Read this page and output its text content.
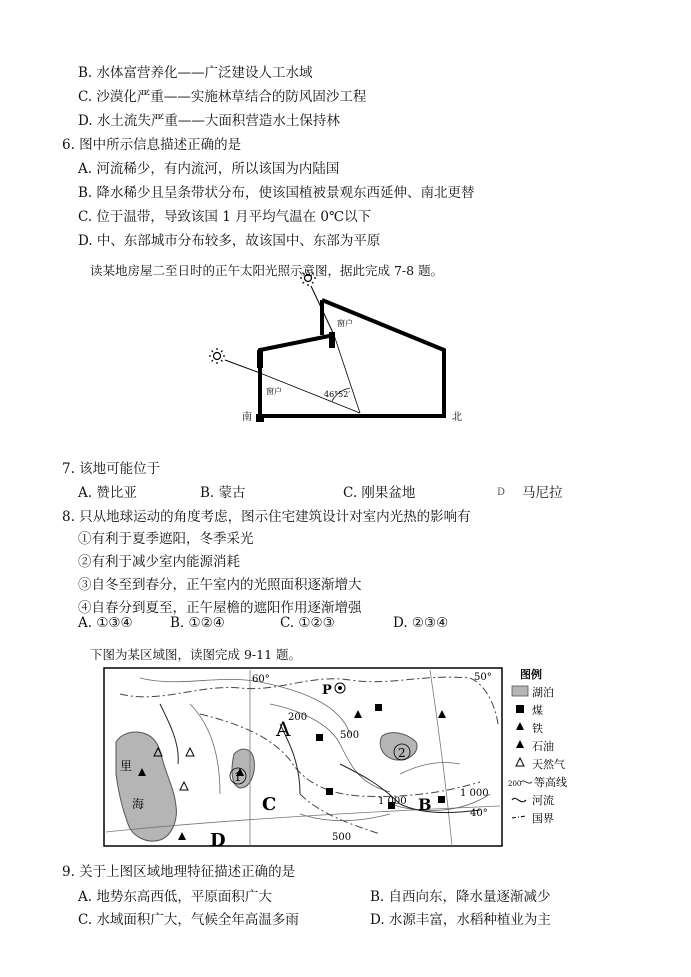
B. 水体富营养化——广泛建设人工水域
C. 沙漠化严重——实施林草结合的防风固沙工程
D. 水土流失严重——大面积营造水土保持林
6. 图中所示信息描述正确的是
A. 河流稀少，有内流河，所以该国为内陆国
B. 降水稀少且呈条带状分布，使该国植被景观东西延伸、南北更替
C. 位于温带，导致该国 1 月平均气温在 0℃以下
D. 中、东部城市分布较多，故该国中、东部为平原
读某地房屋二至日时的正午太阳光照示意图，据此完成 7-8 题。
46°52′
窗户
窗户
南	北
7. 该地可能位于
A. 赞比亚	B. 蒙古	C. 刚果盆地	D 马尼拉
8. 只从地球运动的角度考虑，图示住宅建筑设计对室内光热的影响有
①有利于夏季遮阳，冬季采光
②有利于减少室内能源消耗
③自冬至到春分，正午室内的光照面积逐渐增大
④自春分到夏至，正午屋檐的遮阳作用逐渐增强
A. ①③④	B. ①②④	C. ①②③	D. ②③④
下图为某区域图，读图完成 9-11 题。
60°	50°
40°
P
A
B
C
D
里
海
1
2
200
500
500
1 000
1 000
图例
湖泊
煤
铁
石油
天然气
200 等高线
河流
国界
9. 关于上图区域地理特征描述正确的是
A. 地势东高西低，平原面积广大	B. 自西向东，降水量逐渐减少
C. 水域面积广大，气候全年高温多雨	D. 水源丰富，水稻种植业为主
